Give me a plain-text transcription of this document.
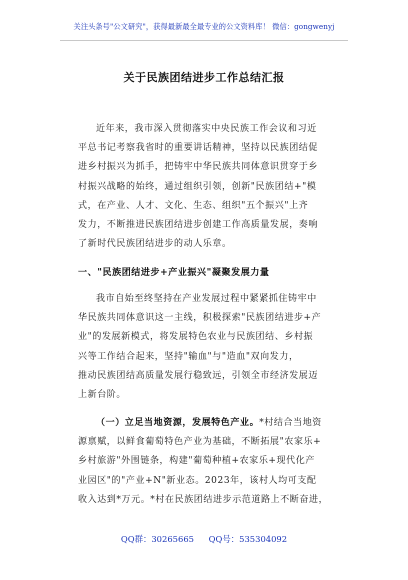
关注头条号"公文研究"，获得最新最全最专业的公文资料库！ 微信：gongwenyj
关于民族团结进步工作总结汇报
近年来，我市深入贯彻落实中央民族工作会议和习近
平总书记考察我省时的重要讲话精神，坚持以民族团结促
进乡村振兴为抓手，把铸牢中华民族共同体意识贯穿于乡
村振兴战略的始终，通过组织引领，创新"民族团结+"模
式，在产业、人才、文化、生态、组织"五个振兴"上齐
发力，不断推进民族团结进步创建工作高质量发展，奏响
了新时代民族团结进步的动人乐章。
一、"民族团结进步+产业振兴"凝聚发展力量
我市自始至终坚持在产业发展过程中紧紧抓住铸牢中
华民族共同体意识这一主线，积极探索"民族团结进步+产
业"的发展新模式，将发展特色农业与民族团结、乡村振
兴等工作结合起来，坚持"输血"与"造血"双向发力，
推动民族团结高质量发展行稳致远，引领全市经济发展迈
上新台阶。
（一）立足当地资源，发展特色产业。*村结合当地资
源禀赋，以鲜食葡萄特色产业为基础，不断拓展"农家乐+
乡村旅游"外围链条，构建"葡萄种植+农家乐+现代化产
业园区"的"产业+N"新业态。2023年，该村人均可支配
收入达到*万元。*村在民族团结进步示范道路上不断奋进，
QQ群：30265665 QQ号：535304092
